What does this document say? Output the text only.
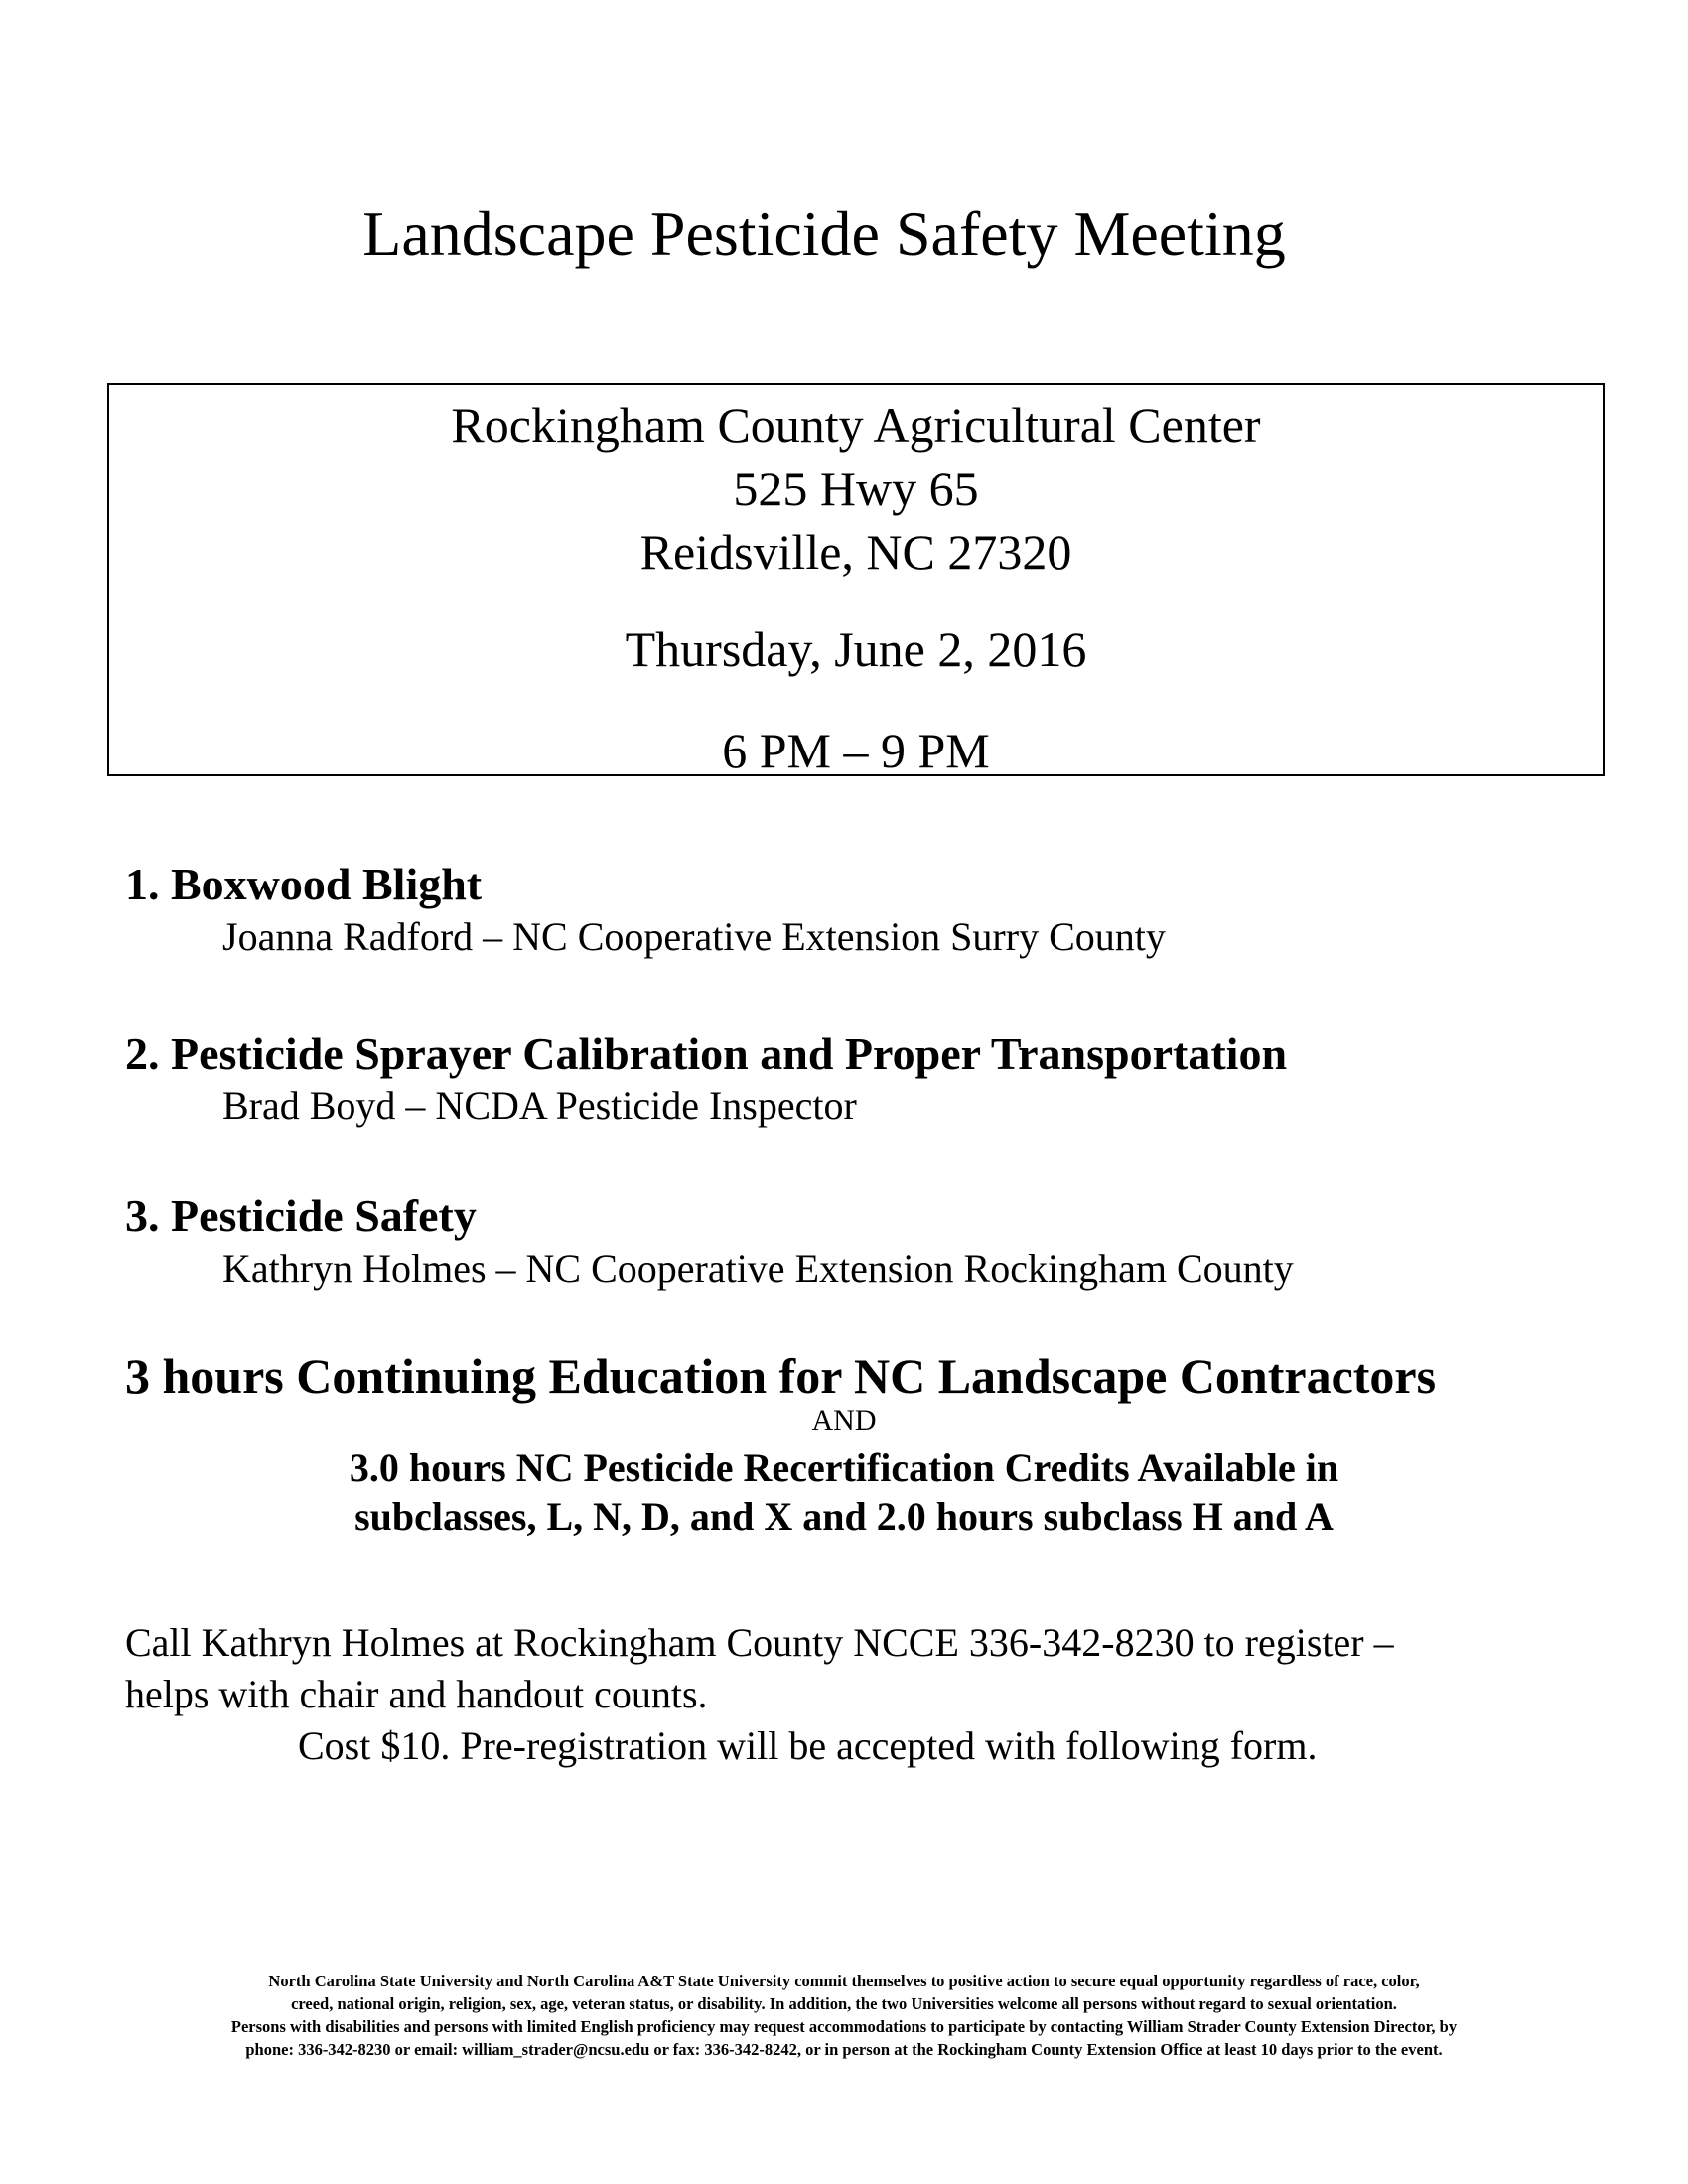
Landscape Pesticide Safety Meeting
Rockingham County Agricultural Center
525 Hwy 65
Reidsville, NC 27320
Thursday, June 2, 2016
6 PM – 9 PM
1. Boxwood Blight
Joanna Radford – NC Cooperative Extension Surry County
2. Pesticide Sprayer Calibration and Proper Transportation
Brad Boyd – NCDA Pesticide Inspector
3. Pesticide Safety
Kathryn Holmes – NC Cooperative Extension Rockingham County
3 hours Continuing Education for NC Landscape Contractors
AND
3.0 hours NC Pesticide Recertification Credits Available in
subclasses, L, N, D, and X and 2.0 hours subclass H and A
Call Kathryn Holmes at Rockingham County NCCE 336-342-8230 to register –
helps with chair and handout counts.
Cost $10. Pre-registration will be accepted with following form.
North Carolina State University and North Carolina A&T State University commit themselves to positive action to secure equal opportunity regardless of race, color,
creed, national origin, religion, sex, age, veteran status, or disability. In addition, the two Universities welcome all persons without regard to sexual orientation.
Persons with disabilities and persons with limited English proficiency may request accommodations to participate by contacting William Strader County Extension Director, by
phone: 336-342-8230 or email: william_strader@ncsu.edu or fax: 336-342-8242, or in person at the Rockingham County Extension Office at least 10 days prior to the event.
